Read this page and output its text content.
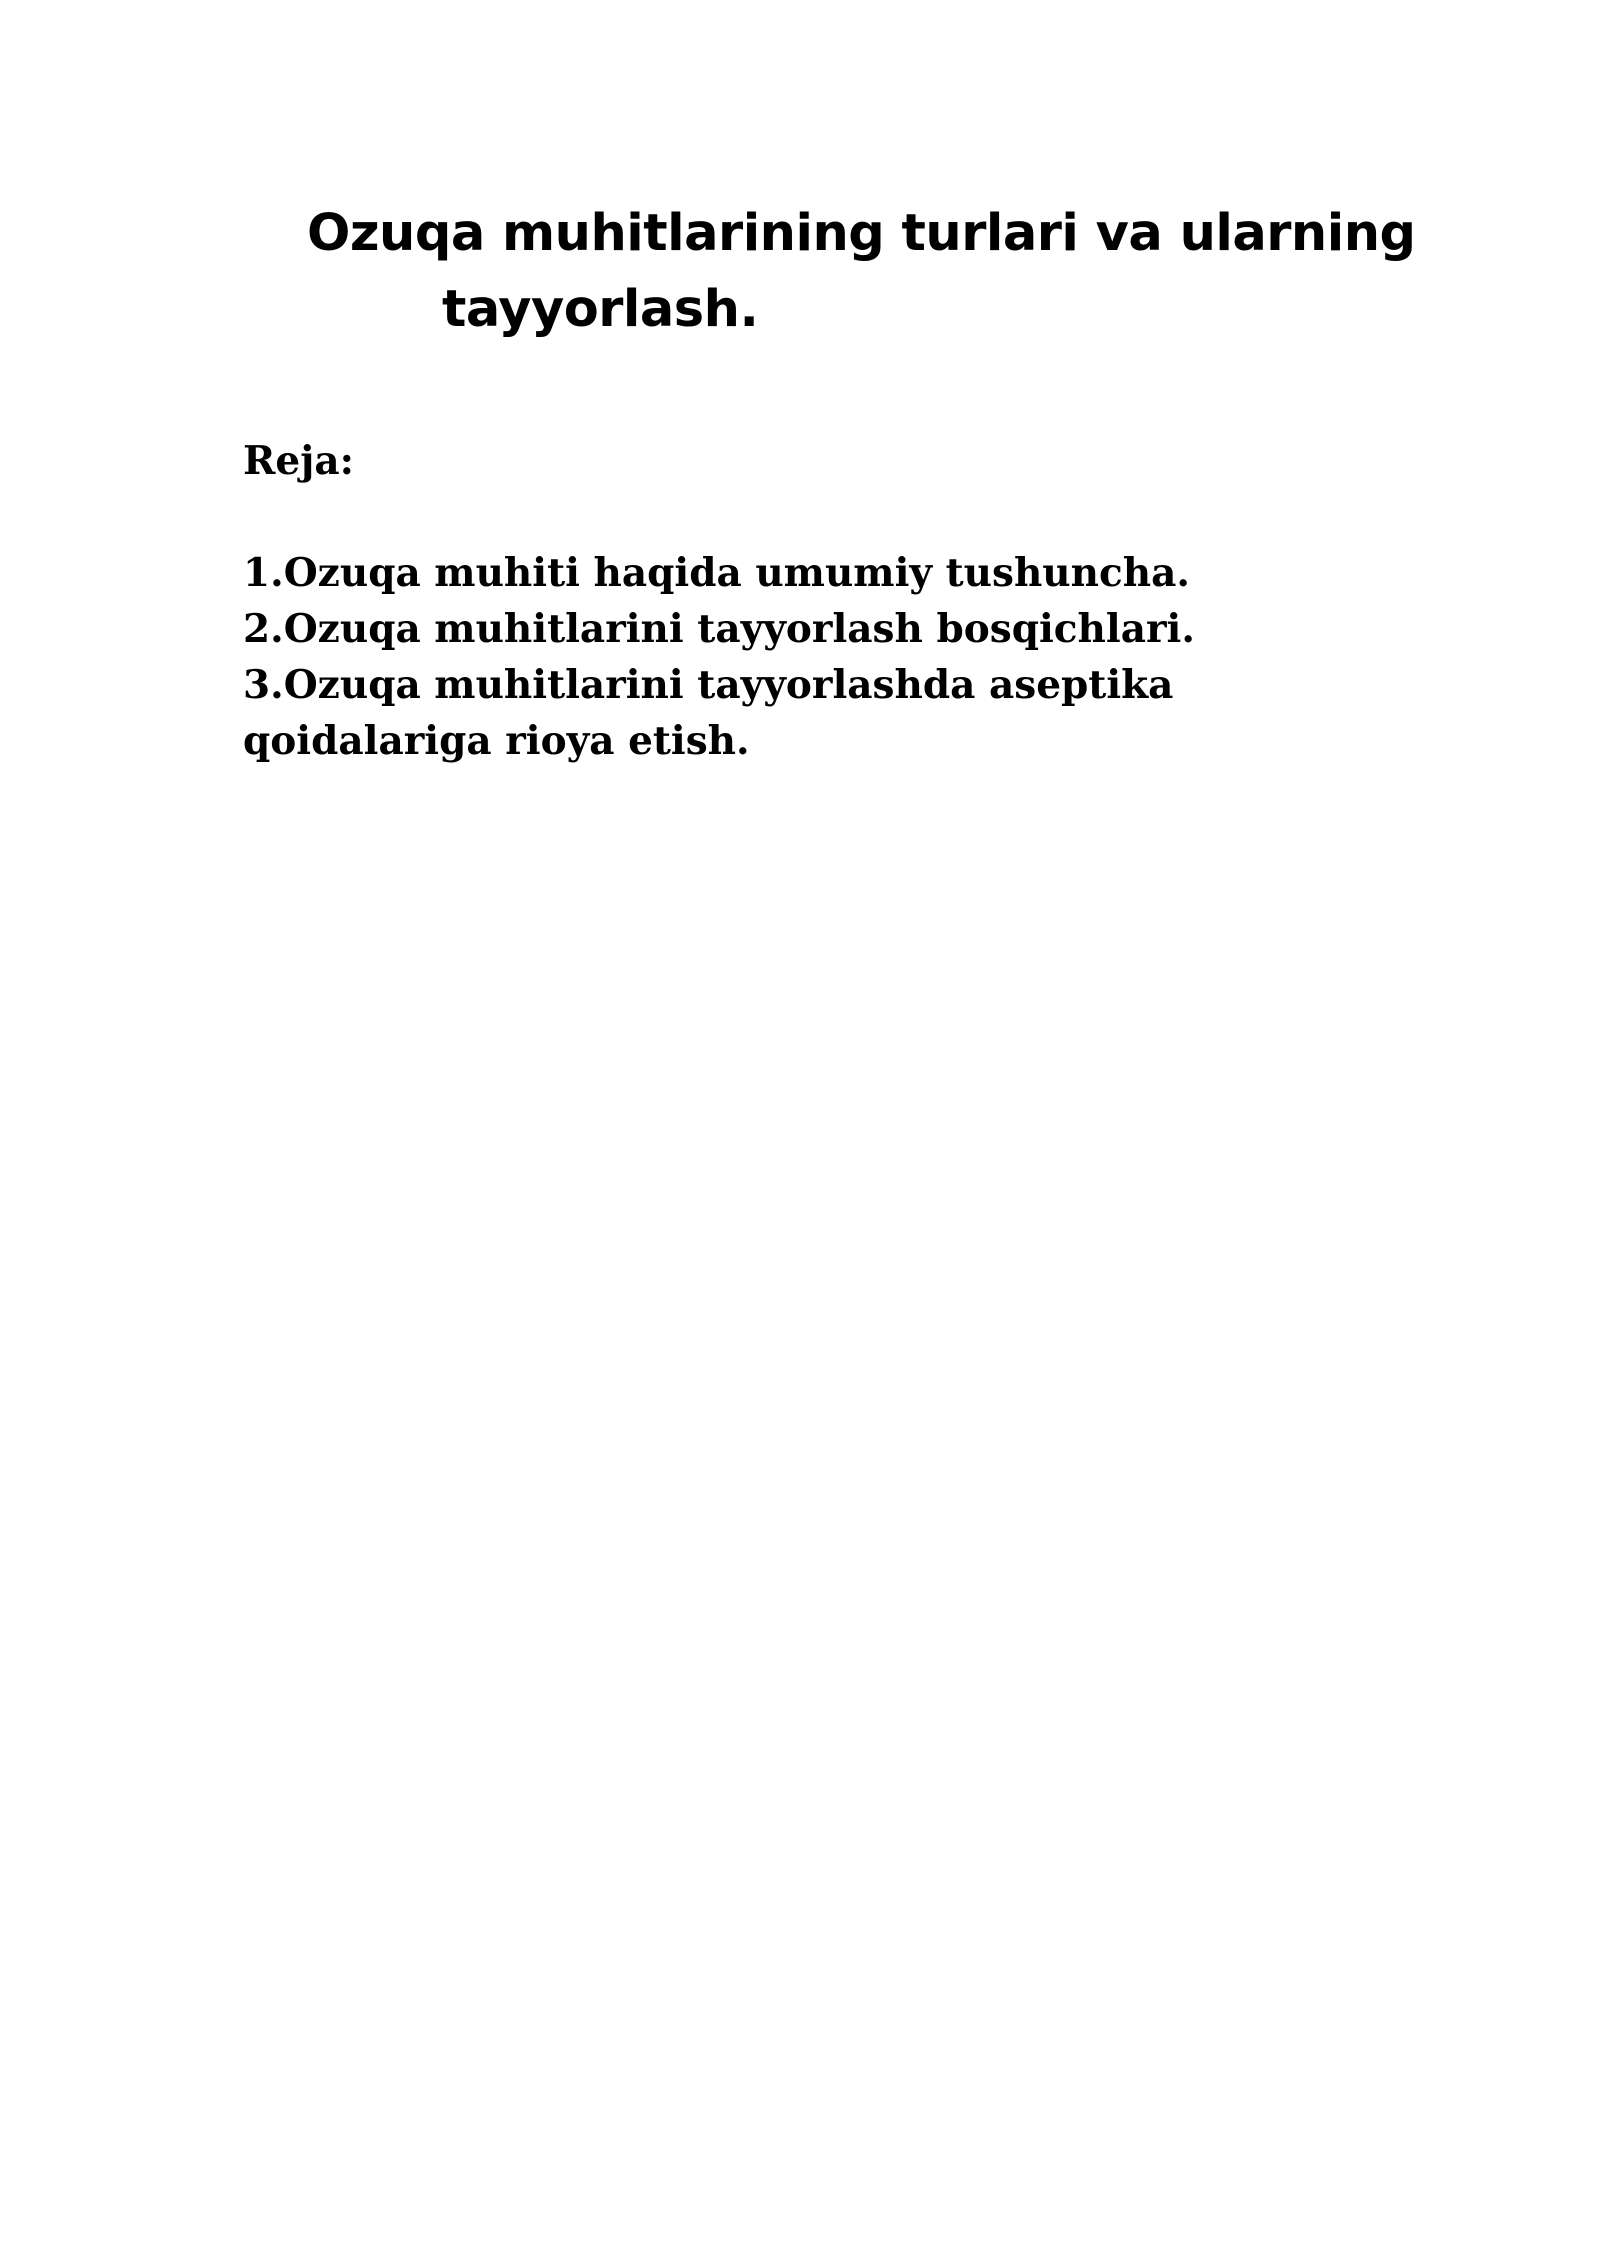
Ozuqa muhitlarining turlari va ularning
tayyorlash.

Reja:

1.Ozuqa muhiti haqida umumiy tushuncha.
2.Ozuqa muhitlarini tayyorlash bosqichlari.
3.Ozuqa muhitlarini tayyorlashda aseptika
qoidalariga rioya etish.
